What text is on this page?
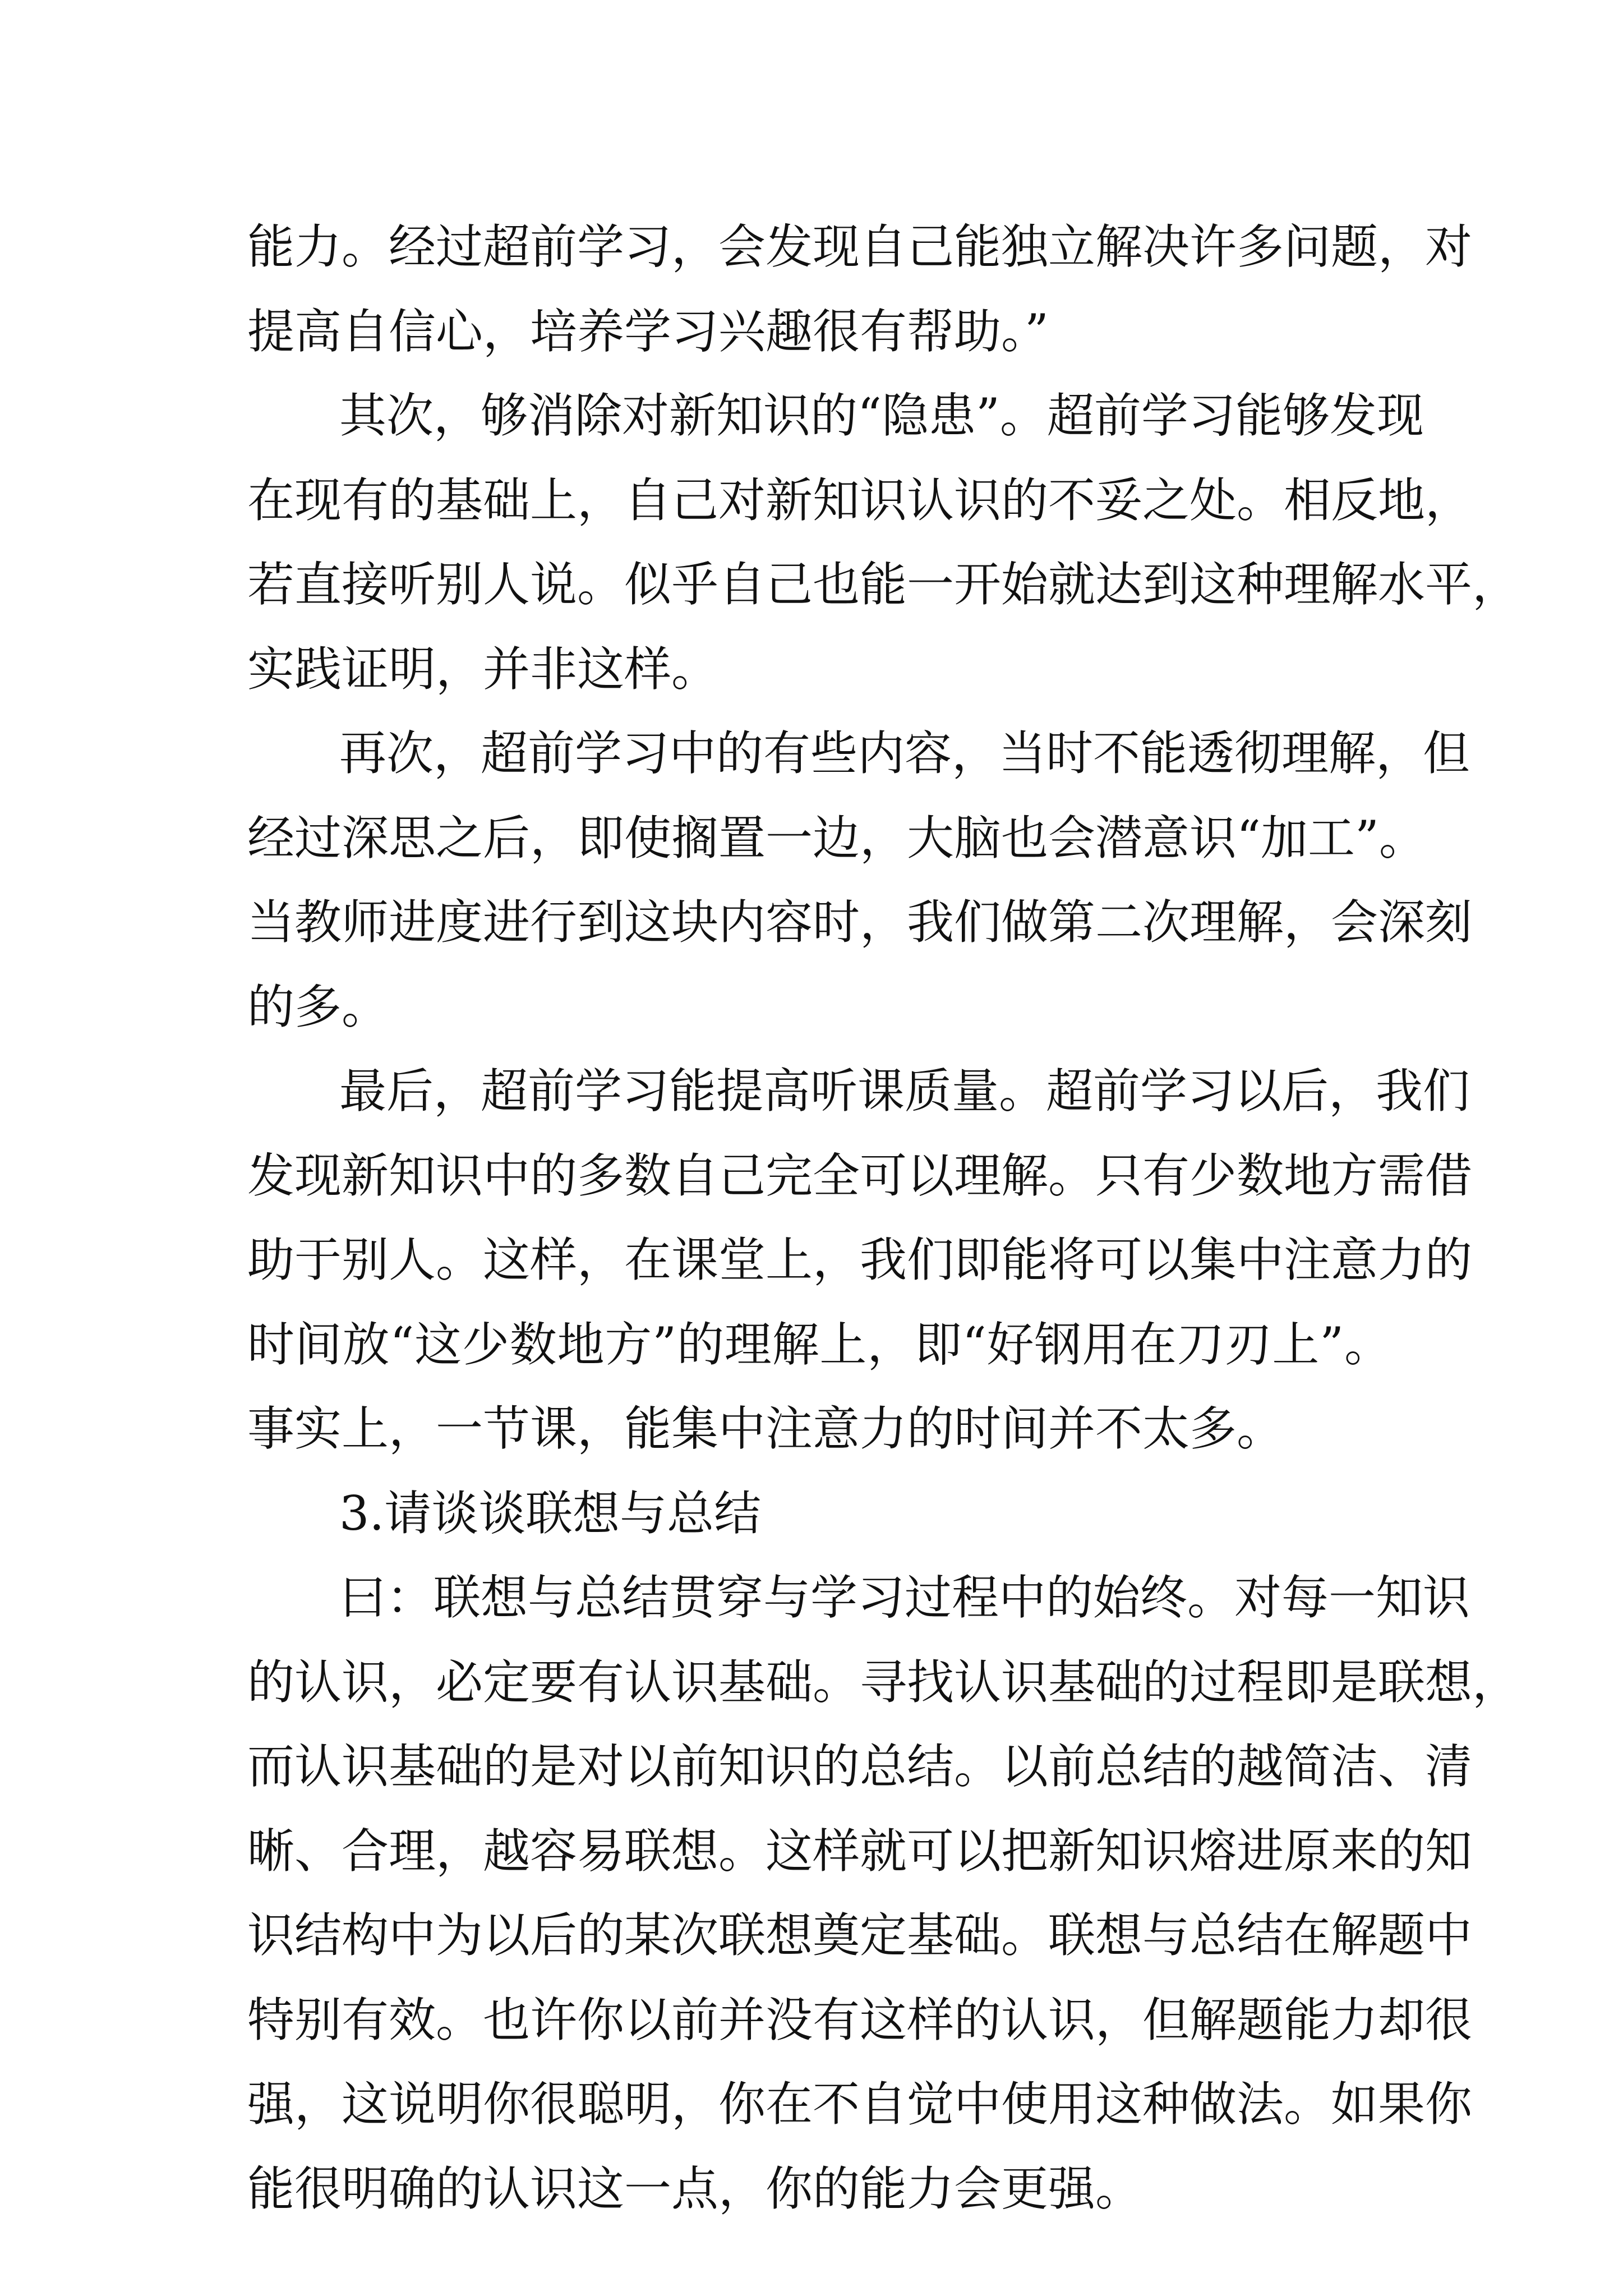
能力。经过超前学习，会发现自己能独立解决许多问题，对
提高自信心，培养学习兴趣很有帮助。”
其次，够消除对新知识的“隐患”。超前学习能够发现
在现有的基础上，自己对新知识认识的不妥之处。相反地，
若直接听别人说。似乎自己也能一开始就达到这种理解水平，
实践证明，并非这样。
再次，超前学习中的有些内容，当时不能透彻理解，但
经过深思之后，即使搁置一边，大脑也会潜意识“加工”。
当教师进度进行到这块内容时，我们做第二次理解，会深刻
的多。
最后，超前学习能提高听课质量。超前学习以后，我们
发现新知识中的多数自己完全可以理解。只有少数地方需借
助于别人。这样，在课堂上，我们即能将可以集中注意力的
时间放“这少数地方”的理解上，即“好钢用在刀刃上”。
事实上，一节课，能集中注意力的时间并不太多。
3.请谈谈联想与总结
曰：联想与总结贯穿与学习过程中的始终。对每一知识
的认识，必定要有认识基础。寻找认识基础的过程即是联想，
而认识基础的是对以前知识的总结。以前总结的越简洁、清
晰、合理，越容易联想。这样就可以把新知识熔进原来的知
识结构中为以后的某次联想奠定基础。联想与总结在解题中
特别有效。也许你以前并没有这样的认识，但解题能力却很
强，这说明你很聪明，你在不自觉中使用这种做法。如果你
能很明确的认识这一点，你的能力会更强。
